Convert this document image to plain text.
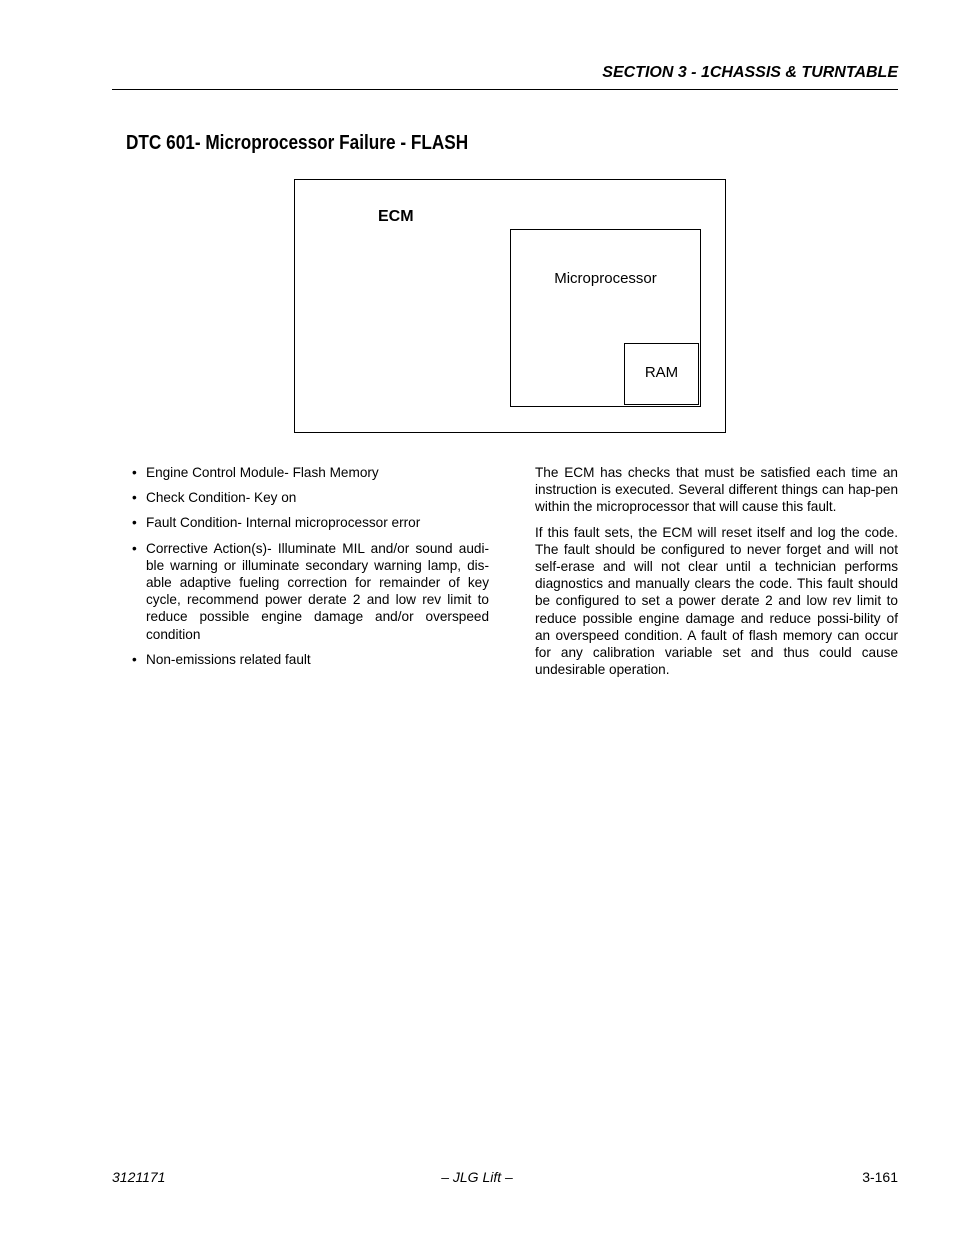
SECTION 3 - 1CHASSIS & TURNTABLE
DTC 601- Microprocessor Failure - FLASH
ECM
Microprocessor
RAM
• Engine Control Module- Flash Memory
• Check Condition- Key on
• Fault Condition- Internal microprocessor error
• Corrective Action(s)- Illuminate MIL and/or sound audi-ble warning or illuminate secondary warning lamp, dis-able adaptive fueling correction for remainder of key cycle, recommend power derate 2 and low rev limit to reduce possible engine damage and/or overspeed condition
• Non-emissions related fault

The ECM has checks that must be satisfied each time an instruction is executed. Several different things can hap-pen within the microprocessor that will cause this fault.

If this fault sets, the ECM will reset itself and log the code. The fault should be configured to never forget and will not self-erase and will not clear until a technician performs diagnostics and manually clears the code. This fault should be configured to set a power derate 2 and low rev limit to reduce possible engine damage and reduce possi-bility of an overspeed condition. A fault of flash memory can occur for any calibration variable set and thus could cause undesirable operation.

3121171	– JLG Lift –	3-161
